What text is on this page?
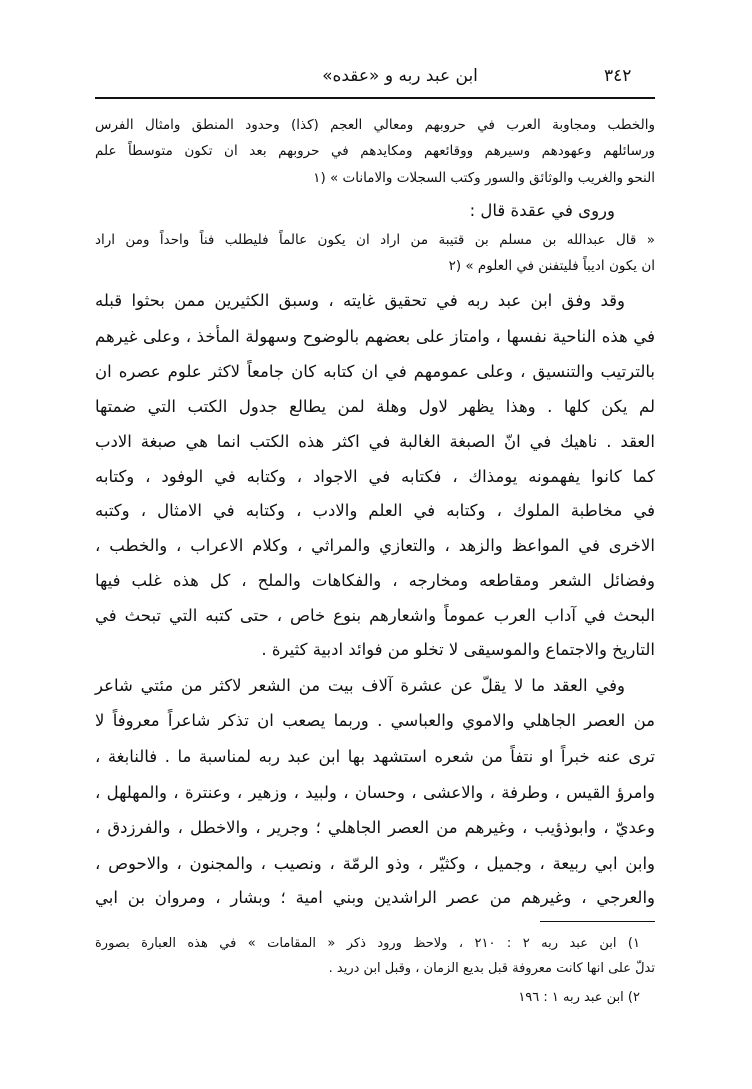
٣٤٢
ابن عبد ربه و «عقده»
والخطب ومجاوبة العرب في حروبهم ومعالي العجم (كذا) وحدود المنطق وامثال الفرس
ورسائلهم وعهودهم وسيرهم ووقائعهم ومكايدهم في حروبهم بعد ان تكون متوسطاً علم
النحو والغريب والوثائق والسور وكتب السجلات والامانات » (١
« قال عبدالله بن مسلم بن قتيبة من اراد ان يكون عالماً فليطلب فناً واحداً ومن اراد
ان يكون اديباً فليتفنن في العلوم » (٢
وقد وفق ابن عبد ربه في تحقيق غايته ، وسبق الكثيرين ممن بحثوا قبله
في هذه الناحية نفسها ، وامتاز على بعضهم بالوضوح وسهولة المأخذ ، وعلى غيرهم
بالترتيب والتنسيق ، وعلى عمومهم في ان كتابه كان جامعاً لاكثر علوم عصره ان
لم يكن كلها . وهذا يظهر لاول وهلة لمن يطالع جدول الكتب التي ضمتها
العقد . ناهيك في انّ الصبغة الغالبة في اكثر هذه الكتب انما هي صبغة الادب
كما كانوا يفهمونه يومذاك ، فكتابه في الاجواد ، وكتابه في الوفود ، وكتابه
في مخاطبة الملوك ، وكتابه في العلم والادب ، وكتابه في الامثال ، وكتبه
الاخرى في المواعظ والزهد ، والتعازي والمراثي ، وكلام الاعراب ، والخطب ،
وفضائل الشعر ومقاطعه ومخارجه ، والفكاهات والملح ، كل هذه غلب فيها
البحث في آداب العرب عموماً واشعارهم بنوع خاص ، حتى كتبه التي تبحث في
التاريخ والاجتماع والموسيقى لا تخلو من فوائد ادبية كثيرة .
وفي العقد ما لا يقلّ عن عشرة آلاف بيت من الشعر لاكثر من مئتي شاعر
من العصر الجاهلي والاموي والعباسي . وربما يصعب ان تذكر شاعراً معروفاً لا
ترى عنه خبراً او نتفاً من شعره استشهد بها ابن عبد ربه لمناسبة ما . فالنابغة ،
وامرؤ القيس ، وطرفة ، والاعشى ، وحسان ، ولبيد ، وزهير ، وعنترة ، والمهلهل ،
وعديّ ، وابوذؤيب ، وغيرهم من العصر الجاهلي ؛ وجرير ، والاخطل ، والفرزدق ،
وابن ابي ربيعة ، وجميل ، وكثيّر ، وذو الرمّة ، ونصيب ، والمجنون ، والاحوص ،
والعرجي ، وغيرهم من عصر الراشدين وبني امية ؛ وبشار ، ومروان بن ابي
١) ابن عبد ربه ٢ : ٢١٠ ، ولاحظ ورود ذكر « المقامات » في هذه العبارة بصورة
تدلّ على انها كانت معروفة قبل بديع الزمان ، وقبل ابن دريد .
٢) ابن عبد ربه ١ : ١٩٦
وروى في عقدة قال :
